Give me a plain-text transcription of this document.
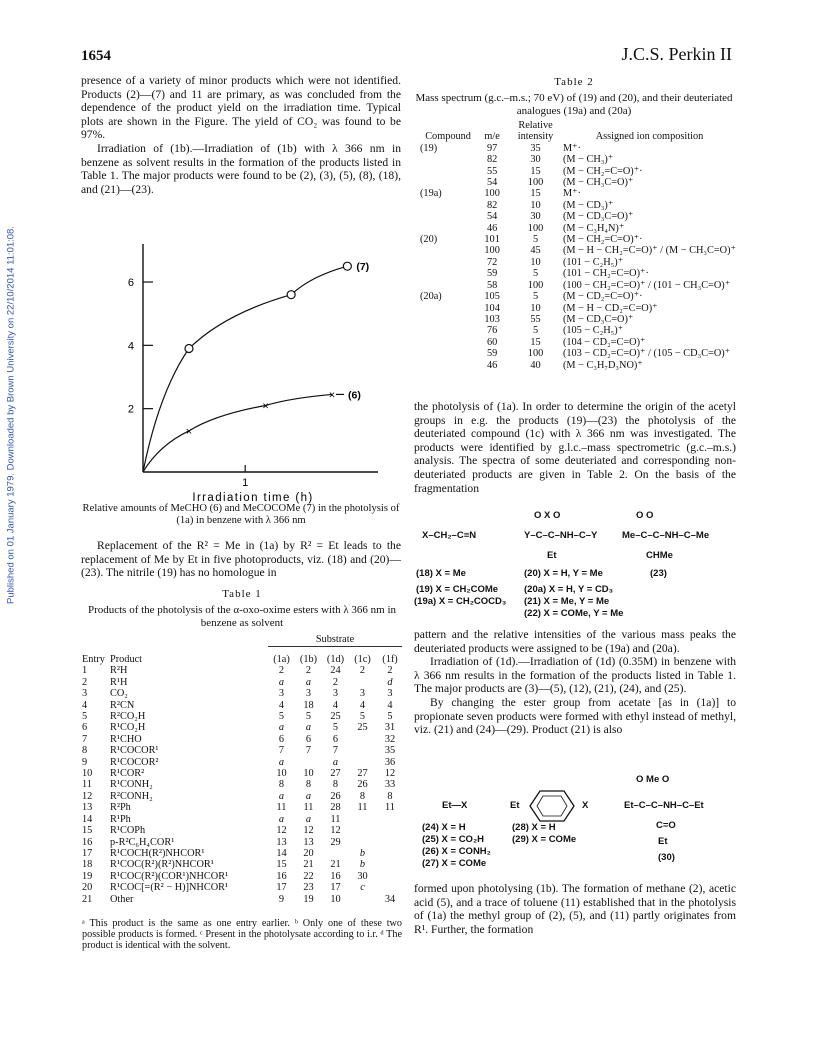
1654	J.C.S. Perkin II
Published on 01 January 1979. Downloaded by Brown University on 22/10/2014 11:01:08.

presence of a variety of minor products which were not identified. Products (2)—(7) and 11 are primary, as was concluded from the dependence of the product yield on the irradiation time. Typical plots are shown in the Figure. The yield of CO₂ was found to be 97%.

Irradiation of (1b).—Irradiation of (1b) with λ 366 nm in benzene as solvent results in the formation of the products listed in Table 1. The major products were found to be (2), (3), (5), (8), (18), and (21)—(23).

2
4
6
1
Irradiation time (h)
(7)
×
×
× (6)
Relative amounts of MeCHO (6) and MeCOCOMe (7) in the photolysis of (1a) in benzene with λ 366 nm

Replacement of the R² = Me in (1a) by R² = Et leads to the replacement of Me by Et in five photoproducts, viz. (18) and (20)—(23). The nitrile (19) has no homologue in

Table 1
Products of the photolysis of the α-oxo-oxime esters with λ 366 nm in benzene as solvent
Substrate
Entry	Product	(1a)	(1b)	(1d)	(1c)	(1f)
1	R²H	2	2	24	2	2
2	R¹H	a	a	2		d
3	CO₂	3	3	3	3	3
4	R²CN	4	18	4	4	4
5	R²CO₂H	5	5	25	5	5
6	R¹CO₂H	a	a	5	25	31
7	R¹CHO	6	6	6		32
8	R¹COCOR¹	7	7	7		35
9	R¹COCOR²	a		a		36
10	R¹COR²	10	10	27	27	12
11	R¹CONH₂	8	8	8	26	33
12	R²CONH₂	a	a	26	8	8
13	R²Ph	11	11	28	11	11
14	R¹Ph	a	a	11		
15	R¹COPh	12	12	12		
16	p-R²C₆H₄COR¹	13	13	29		
17	R¹COCH(R²)NHCOR¹	14	20		b	
18	R¹COC(R²)(R²)NHCOR¹	15	21	21	b	
19	R¹COC(R²)(COR¹)NHCOR¹	16	22	16	30	
20	R¹COC[=(R² − H)]NHCOR¹	17	23	17	c	
21	Other	9	19	10		34
ᵃ This product is the same as one entry earlier. ᵇ Only one of these two possible products is formed. ᶜ Present in the photolysate according to i.r. ᵈ The product is identical with the solvent.
Table 2
Mass spectrum (g.c.–m.s.; 70 eV) of (19) and (20), and their deuteriated analogues (19a) and (20a)
Compound	m/e	Relative intensity	Assigned ion composition
(19)	97	35	M⁺·
	82	30	(M − CH₃)⁺
	55	15	(M − CH₂=C=O)⁺·
	54	100	(M − CH₃C=O)⁺
(19a)	100	15	M⁺·
	82	10	(M − CD₃)⁺
	54	30	(M − CD₃C=O)⁺
	46	100	(M − C₃H₄N)⁺
(20)	101	5	(M − CH₂=C=O)⁺·
	100	45	(M − H − CH₂=C=O)⁺ / (M − CH₃C=O)⁺
	72	10	(101 − C₂H₅)⁺
	59	5	(101 − CH₂=C=O)⁺·
	58	100	(100 − CH₂=C=O)⁺ / (101 − CH₃C=O)⁺
(20a)	105	5	(M − CD₂=C=O)⁺·
	104	10	(M − H − CD₂=C=O)⁺
	103	55	(M − CD₃C=O)⁺
	76	5	(105 − C₂H₅)⁺
	60	15	(104 − CD₂=C=O)⁺
	59	100	(103 − CD₂=C=O)⁺ / (105 − CD₃C=O)⁺
	46	40	(M − C₃H₇D₃NO)⁺

the photolysis of (1a). In order to determine the origin of the acetyl groups in e.g. the products (19)—(23) the photolysis of the deuteriated compound (1c) with λ 366 nm was investigated. The products were identified by g.l.c.–mass spectrometric (g.c.–m.s.) analysis. The spectra of some deuteriated and corresponding non-deuteriated products are given in Table 2. On the basis of the fragmentation

O X O	O O
X–CH₂–C≡N	Y–C–C–NH–C–Y	Me–C–C–NH–C–Me
Et	CHMe
(18) X = Me	(20) X = H, Y = Me	(23)
(19) X = CH₂COMe	(20a) X = H, Y = CD₃
(19a) X = CH₂COCD₃ (21) X = Me, Y = Me
(22) X = COMe, Y = Me

pattern and the relative intensities of the various mass peaks the deuteriated products were assigned to be (19a) and (20a).

Irradiation of (1d).—Irradiation of (1d) (0.35M) in benzene with λ 366 nm results in the formation of the products listed in Table 1. The major products are (3)—(5), (12), (21), (24), and (25).

By changing the ester group from acetate [as in (1a)] to propionate seven products were formed with ethyl instead of methyl, viz. (21) and (24)—(29). Product (21) is also

O Me O
Et—X	Et	X	Et–C–C–NH–C–Et
C=O
Et
(24) X = H	(28) X = H
(25) X = CO₂H	(29) X = COMe
(26) X = CONH₂
(30)
(27) X = COMe

formed upon photolysing (1b). The formation of methane (2), acetic acid (5), and a trace of toluene (11) established that in the photolysis of (1a) the methyl group of (2), (5), and (11) partly originates from R¹. Further, the formation
